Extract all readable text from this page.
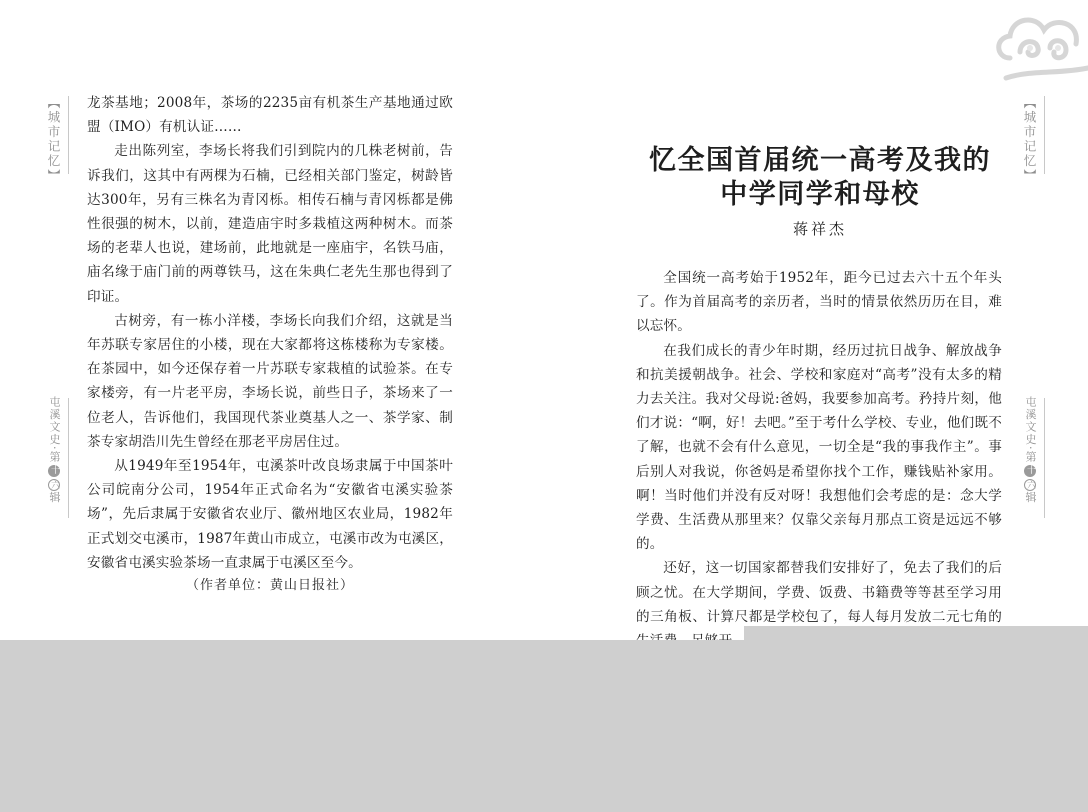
【 城市记忆 】
屯溪文史·第十六辑

龙茶基地；2008年，茶场的2235亩有机茶生产基地通过欧盟（IMO）有机认证……

走出陈列室，李场长将我们引到院内的几株老树前，告诉我们，这其中有两棵为石楠，已经相关部门鉴定，树龄皆达300年，另有三株名为青冈栎。相传石楠与青冈栎都是佛性很强的树木，以前，建造庙宇时多栽植这两种树木。而茶场的老辈人也说，建场前，此地就是一座庙宇，名铁马庙，庙名缘于庙门前的两尊铁马，这在朱典仁老先生那也得到了印证。

古树旁，有一栋小洋楼，李场长向我们介绍，这就是当年苏联专家居住的小楼，现在大家都将这栋楼称为专家楼。在茶园中，如今还保存着一片苏联专家栽植的试验茶。在专家楼旁，有一片老平房，李场长说，前些日子，茶场来了一位老人，告诉他们，我国现代茶业奠基人之一、茶学家、制茶专家胡浩川先生曾经在那老平房居住过。

从1949年至1954年，屯溪茶叶改良场隶属于中国茶叶公司皖南分公司，1954年正式命名为“安徽省屯溪实验茶场”，先后隶属于安徽省农业厅、徽州地区农业局，1982年正式划交屯溪市，1987年黄山市成立，屯溪市改为屯溪区，安徽省屯溪实验茶场一直隶属于屯溪区至今。

（作者单位：黄山日报社）
忆全国首届统一高考及我的
中学同学和母校
蒋祥杰

全国统一高考始于1952年，距今已过去六十五个年头了。作为首届高考的亲历者，当时的情景依然历历在目，难以忘怀。

在我们成长的青少年时期，经历过抗日战争、解放战争和抗美援朝战争。社会、学校和家庭对“高考”没有太多的精力去关注。我对父母说:爸妈，我要参加高考。矜持片刻，他们才说：“啊，好！去吧。”至于考什么学校、专业，他们既不了解，也就不会有什么意见，一切全是“我的事我作主”。事后别人对我说，你爸妈是希望你找个工作，赚钱贴补家用。啊！当时他们并没有反对呀！我想他们会考虑的是：念大学学费、生活费从那里来？仅靠父亲每月那点工资是远远不够的。

还好，这一切国家都替我们安排好了，免去了我们的后顾之忧。在大学期间，学费、饭费、书籍费等等甚至学习用的三角板、计算尺都是学校包了，每人每月发放二元七角的

【 城市记忆 】
屯溪文史·第十六辑
